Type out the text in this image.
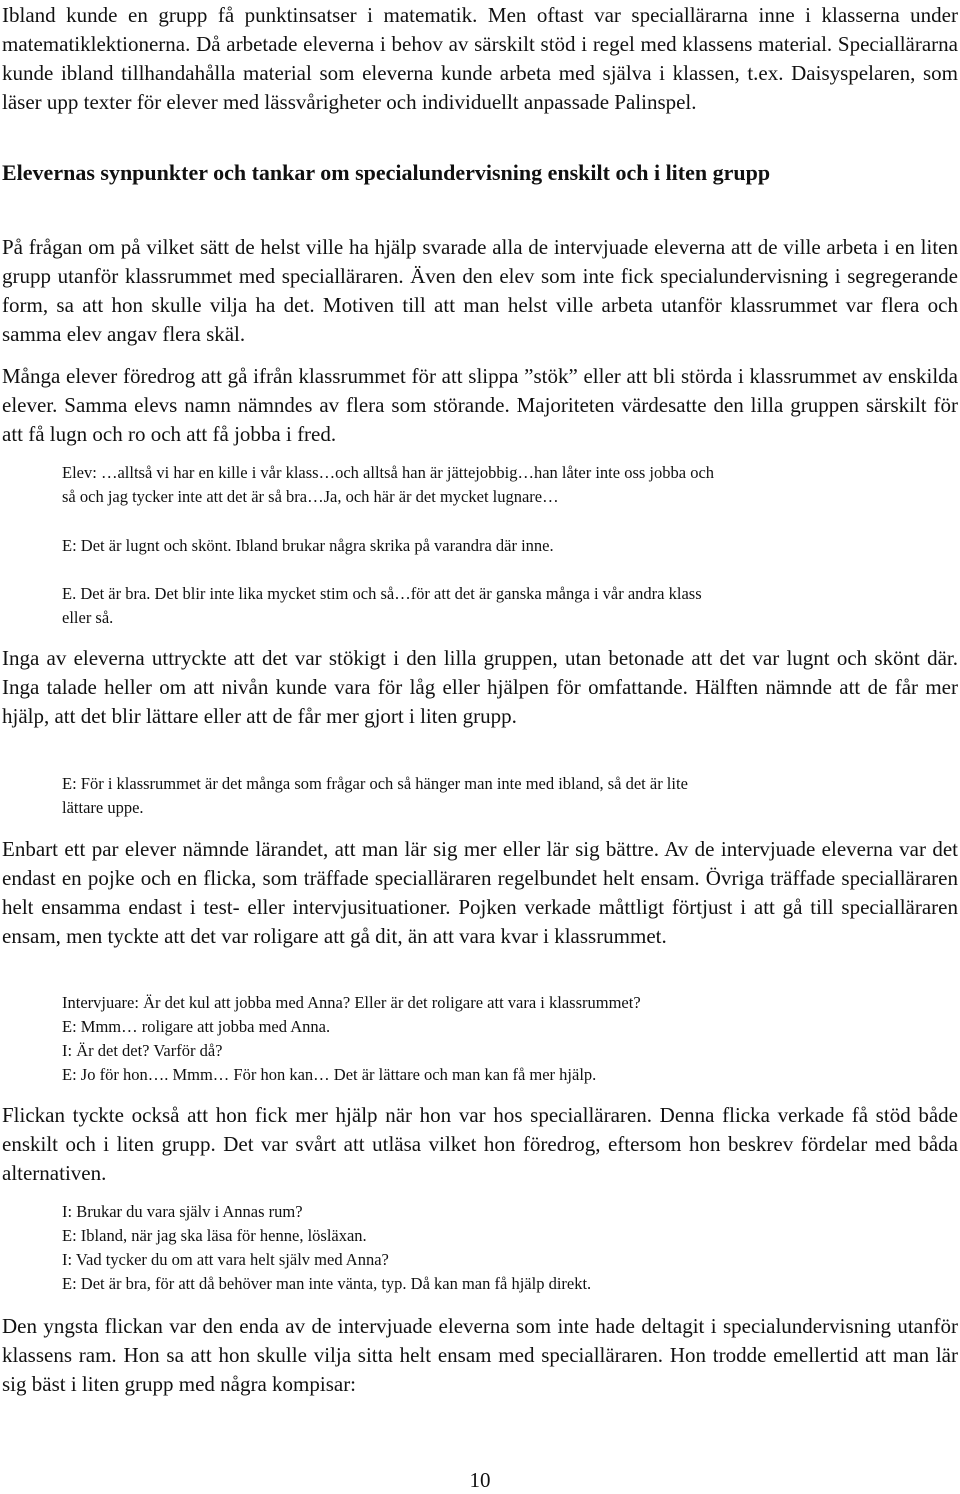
Ibland kunde en grupp få punktinsatser i matematik. Men oftast var speciallärarna inne i klasserna under matematiklektionerna. Då arbetade eleverna i behov av särskilt stöd i regel med klassens material. Speciallärarna kunde ibland tillhandahålla material som eleverna kunde arbeta med själva i klassen, t.ex. Daisyspelaren, som läser upp texter för elever med lässvårigheter och individuellt anpassade Palinspel.

Elevernas synpunkter och tankar om specialundervisning enskilt och i liten grupp

På frågan om på vilket sätt de helst ville ha hjälp svarade alla de intervjuade eleverna att de ville arbeta i en liten grupp utanför klassrummet med specialläraren. Även den elev som inte fick specialundervisning i segregerande form, sa att hon skulle vilja ha det. Motiven till att man helst ville arbeta utanför klassrummet var flera och samma elev angav flera skäl.

Många elever föredrog att gå ifrån klassrummet för att slippa ”stök” eller att bli störda i klassrummet av enskilda elever. Samma elevs namn nämndes av flera som störande. Majoriteten värdesatte den lilla gruppen särskilt för att få lugn och ro och att få jobba i fred.

Elev: …alltså vi har en kille i vår klass…och alltså han är jättejobbig…han låter inte oss jobba och
så och jag tycker inte att det är så bra…Ja, och här är det mycket lugnare…
E: Det är lugnt och skönt. Ibland brukar några skrika på varandra där inne.
E. Det är bra. Det blir inte lika mycket stim och så…för att det är ganska många i vår andra klass
eller så.

Inga av eleverna uttryckte att det var stökigt i den lilla gruppen, utan betonade att det var lugnt och skönt där. Inga talade heller om att nivån kunde vara för låg eller hjälpen för omfattande. Hälften nämnde att de får mer hjälp, att det blir lättare eller att de får mer gjort i liten grupp.

E: För i klassrummet är det många som frågar och så hänger man inte med ibland, så det är lite
lättare uppe.

Enbart ett par elever nämnde lärandet, att man lär sig mer eller lär sig bättre. Av de intervjuade eleverna var det endast en pojke och en flicka, som träffade specialläraren regelbundet helt ensam. Övriga träffade specialläraren helt ensamma endast i test- eller intervjusituationer. Pojken verkade måttligt förtjust i att gå till specialläraren ensam, men tyckte att det var roligare att gå dit, än att vara kvar i klassrummet.

Intervjuare: Är det kul att jobba med Anna? Eller är det roligare att vara i klassrummet?
E: Mmm… roligare att jobba med Anna.
I: Är det det? Varför då?
E: Jo för hon…. Mmm… För hon kan… Det är lättare och man kan få mer hjälp.

Flickan tyckte också att hon fick mer hjälp när hon var hos specialläraren. Denna flicka verkade få stöd både enskilt och i liten grupp. Det var svårt att utläsa vilket hon föredrog, eftersom hon beskrev fördelar med båda alternativen.

I: Brukar du vara själv i Annas rum?
E: Ibland, när jag ska läsa för henne, lösläxan.
I: Vad tycker du om att vara helt själv med Anna?
E: Det är bra, för att då behöver man inte vänta, typ. Då kan man få hjälp direkt.

Den yngsta flickan var den enda av de intervjuade eleverna som inte hade deltagit i specialundervisning utanför klassens ram. Hon sa att hon skulle vilja sitta helt ensam med specialläraren. Hon trodde emellertid att man lär sig bäst i liten grupp med några kompisar:

10
